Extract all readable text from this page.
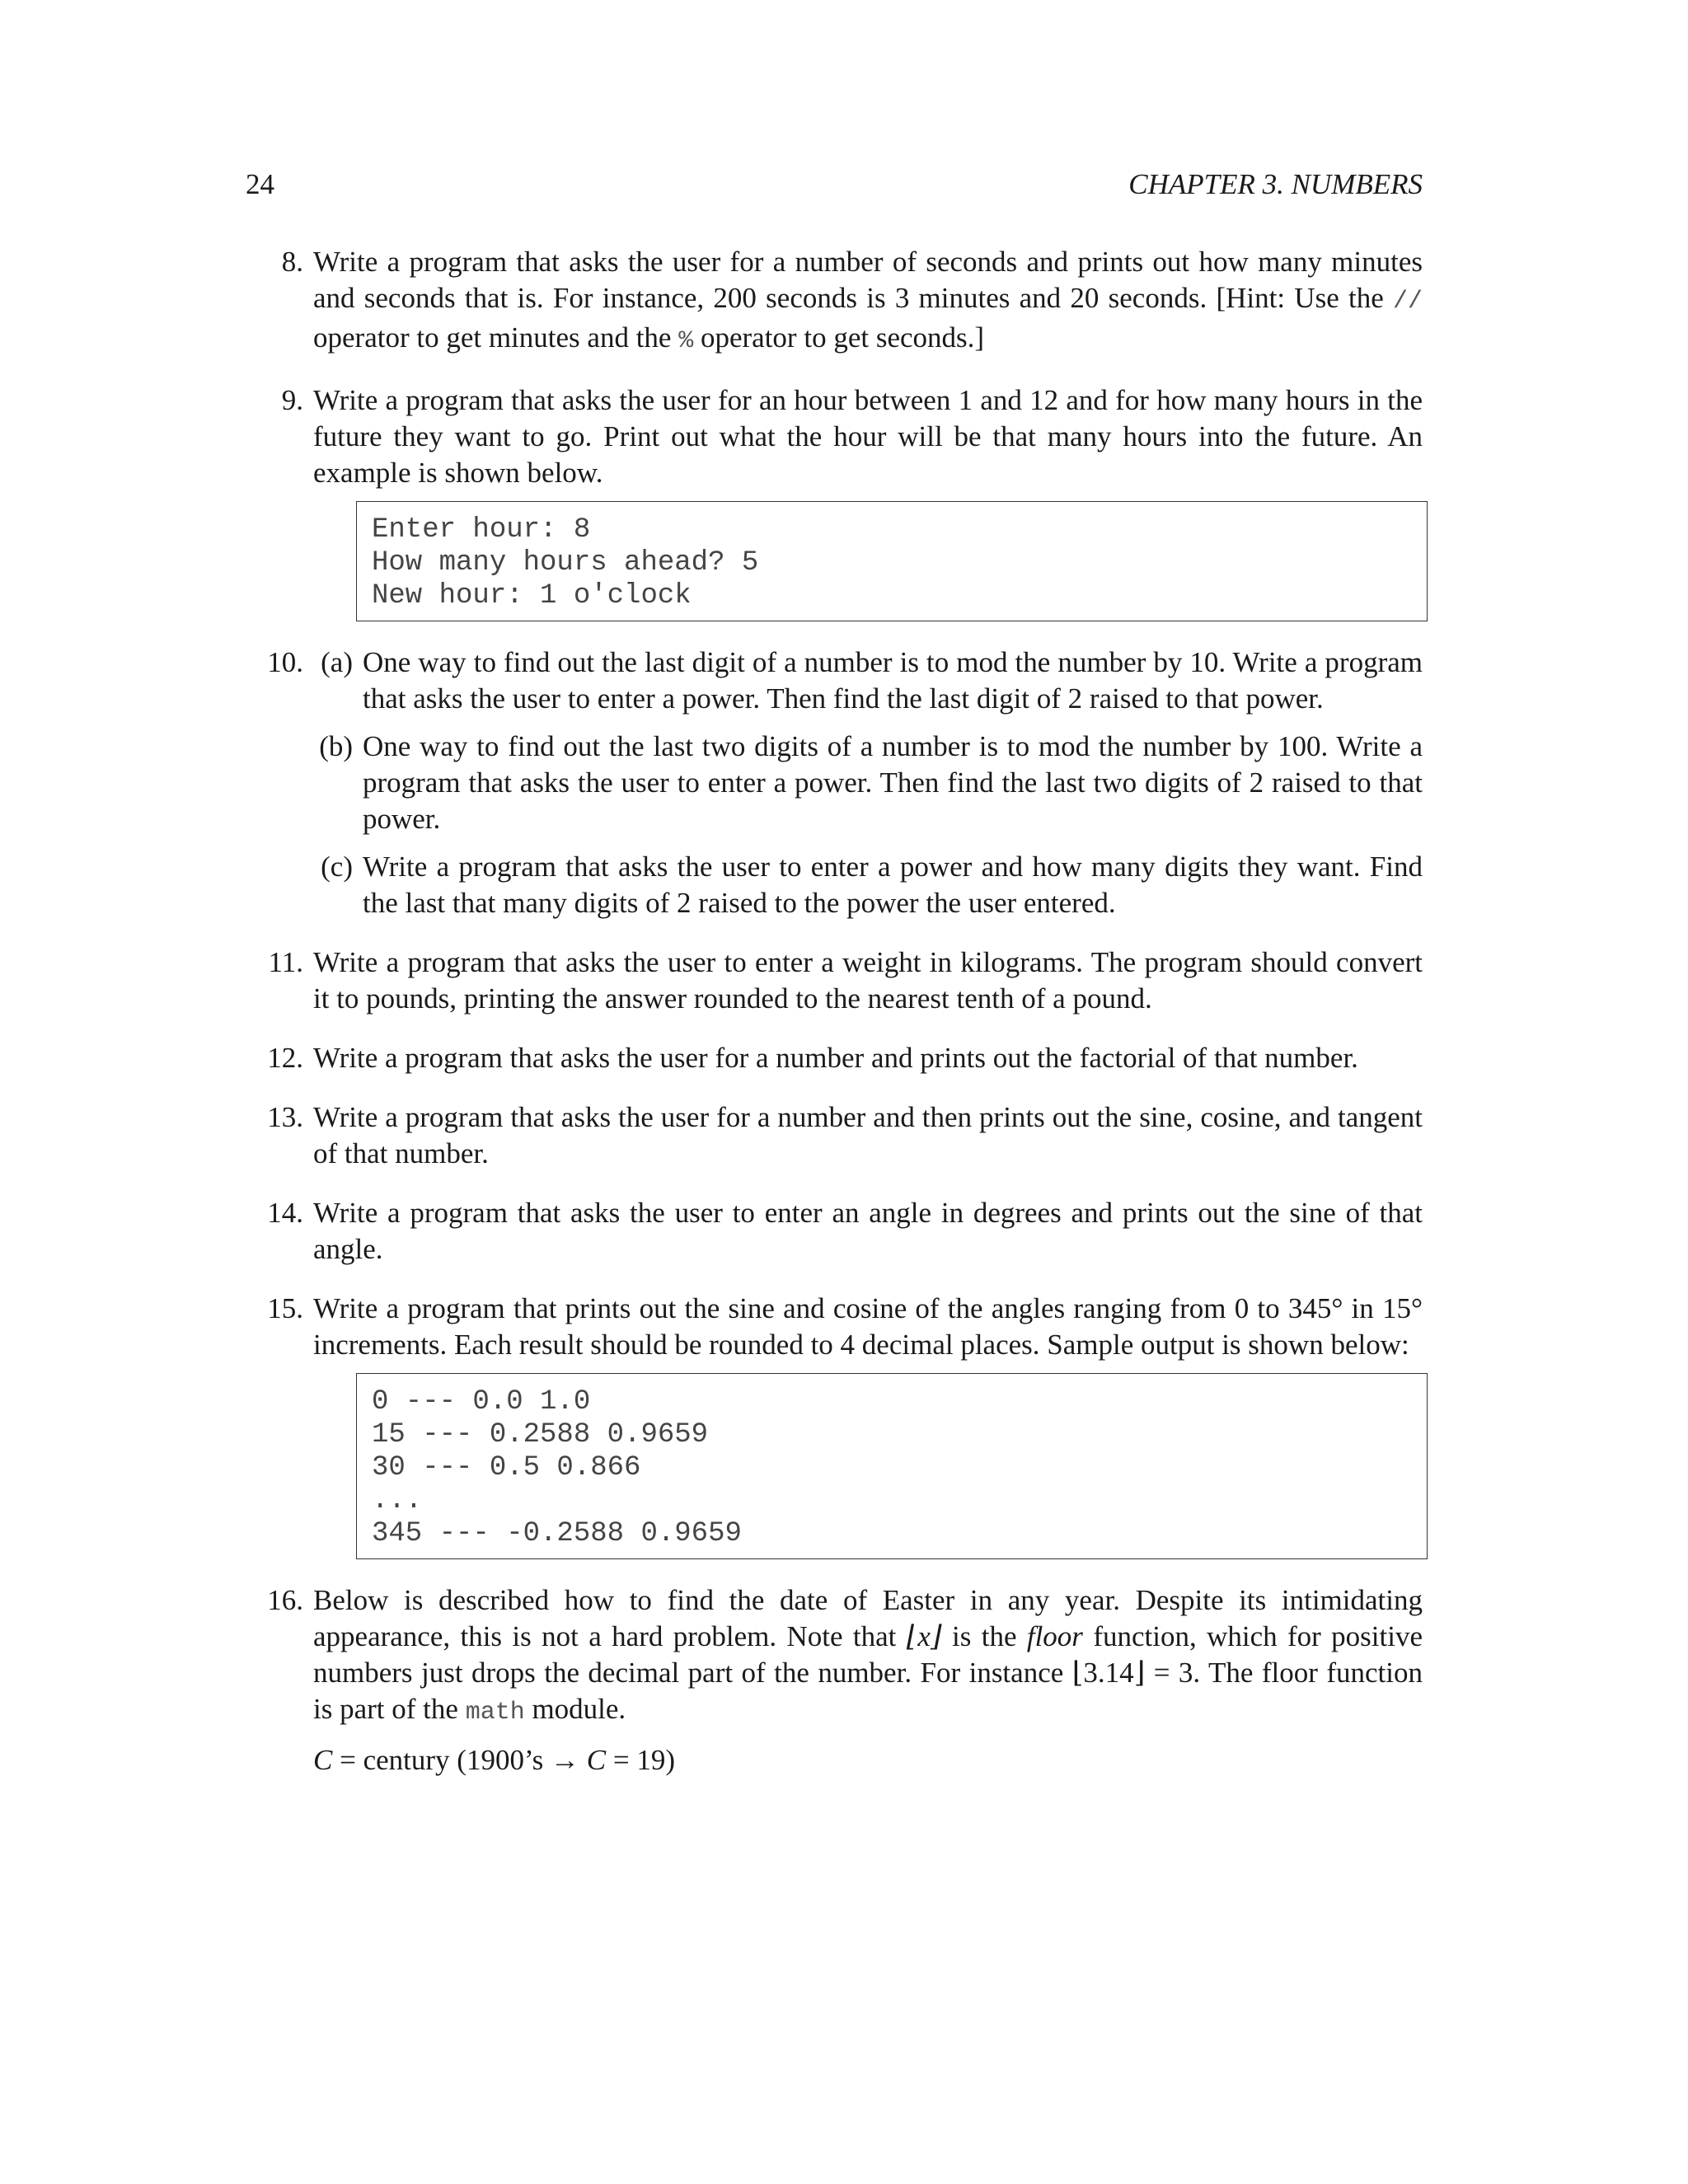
24	CHAPTER 3. NUMBERS
8. Write a program that asks the user for a number of seconds and prints out how many minutes and seconds that is. For instance, 200 seconds is 3 minutes and 20 seconds. [Hint: Use the // operator to get minutes and the % operator to get seconds.]

9. Write a program that asks the user for an hour between 1 and 12 and for how many hours in the future they want to go. Print out what the hour will be that many hours into the future. An example is shown below.

Enter hour: 8
How many hours ahead? 5
New hour: 1 o'clock
10. (a) One way to find out the last digit of a number is to mod the number by 10. Write a program that asks the user to enter a power. Then find the last digit of 2 raised to that power.

(b) One way to find out the last two digits of a number is to mod the number by 100. Write a program that asks the user to enter a power. Then find the last two digits of 2 raised to that power.

(c) Write a program that asks the user to enter a power and how many digits they want. Find the last that many digits of 2 raised to the power the user entered.

11. Write a program that asks the user to enter a weight in kilograms. The program should convert it to pounds, printing the answer rounded to the nearest tenth of a pound.

12. Write a program that asks the user for a number and prints out the factorial of that number.

13. Write a program that asks the user for a number and then prints out the sine, cosine, and tangent of that number.

14. Write a program that asks the user to enter an angle in degrees and prints out the sine of that angle.

15. Write a program that prints out the sine and cosine of the angles ranging from 0 to 345° in 15° increments. Each result should be rounded to 4 decimal places. Sample output is shown below:

0 --- 0.0 1.0
15 --- 0.2588 0.9659
30 --- 0.5 0.866
...
345 --- -0.2588 0.9659
16. Below is described how to find the date of Easter in any year. Despite its intimidating appearance, this is not a hard problem. Note that ⌊x⌋ is the floor function, which for positive numbers just drops the decimal part of the number. For instance ⌊3.14⌋ = 3. The floor function is part of the math module.

C = century (1900’s → C = 19)
